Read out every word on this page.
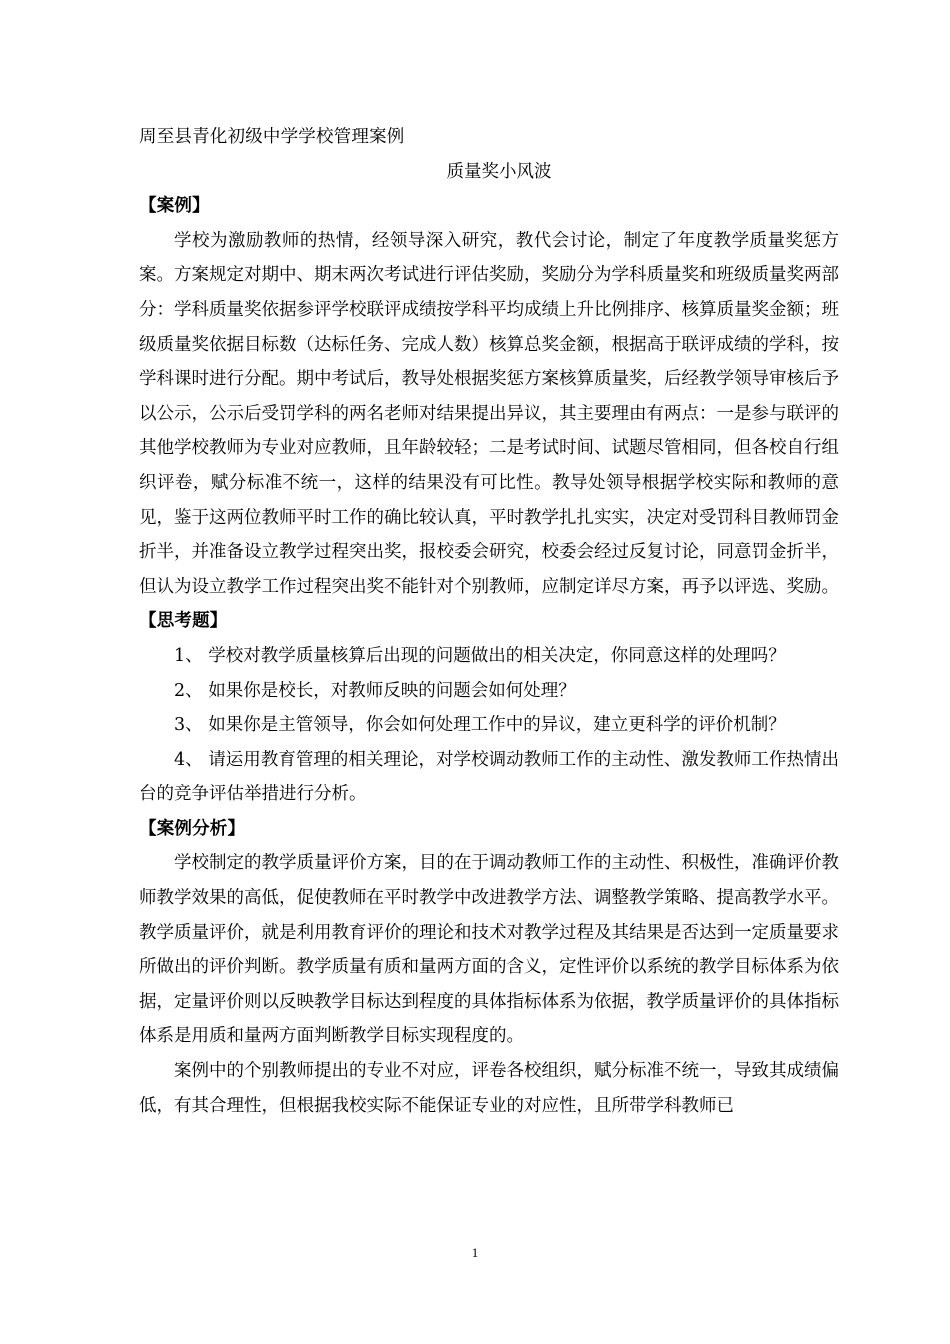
周至县青化初级中学学校管理案例
质量奖小风波
【案例】

学校为激励教师的热情，经领导深入研究，教代会讨论，制定了年度教学质量奖惩方案。方案规定对期中、期末两次考试进行评估奖励，奖励分为学科质量奖和班级质量奖两部分：学科质量奖依据参评学校联评成绩按学科平均成绩上升比例排序、核算质量奖金额；班级质量奖依据目标数（达标任务、完成人数）核算总奖金额，根据高于联评成绩的学科，按学科课时进行分配。期中考试后，教导处根据奖惩方案核算质量奖，后经教学领导审核后予以公示，公示后受罚学科的两名老师对结果提出异议，其主要理由有两点：一是参与联评的其他学校教师为专业对应教师，且年龄较轻；二是考试时间、试题尽管相同，但各校自行组织评卷，赋分标准不统一，这样的结果没有可比性。教导处领导根据学校实际和教师的意见，鉴于这两位教师平时工作的确比较认真，平时教学扎扎实实，决定对受罚科目教师罚金折半，并准备设立教学过程突出奖，报校委会研究，校委会经过反复讨论，同意罚金折半，但认为设立教学工作过程突出奖不能针对个别教师，应制定详尽方案，再予以评选、奖励。

【思考题】

1、 学校对教学质量核算后出现的问题做出的相关决定，你同意这样的处理吗？

2、 如果你是校长，对教师反映的问题会如何处理？

3、 如果你是主管领导，你会如何处理工作中的异议，建立更科学的评价机制？

4、 请运用教育管理的相关理论，对学校调动教师工作的主动性、激发教师工作热情出台的竞争评估举措进行分析。

【案例分析】

学校制定的教学质量评价方案，目的在于调动教师工作的主动性、积极性，准确评价教师教学效果的高低，促使教师在平时教学中改进教学方法、调整教学策略、提高教学水平。教学质量评价，就是利用教育评价的理论和技术对教学过程及其结果是否达到一定质量要求所做出的评价判断。教学质量有质和量两方面的含义，定性评价以系统的教学目标体系为依据，定量评价则以反映教学目标达到程度的具体指标体系为依据，教学质量评价的具体指标体系是用质和量两方面判断教学目标实现程度的。

案例中的个别教师提出的专业不对应，评卷各校组织，赋分标准不统一，导致其成绩偏低，有其合理性，但根据我校实际不能保证专业的对应性，且所带学科教师已

1
